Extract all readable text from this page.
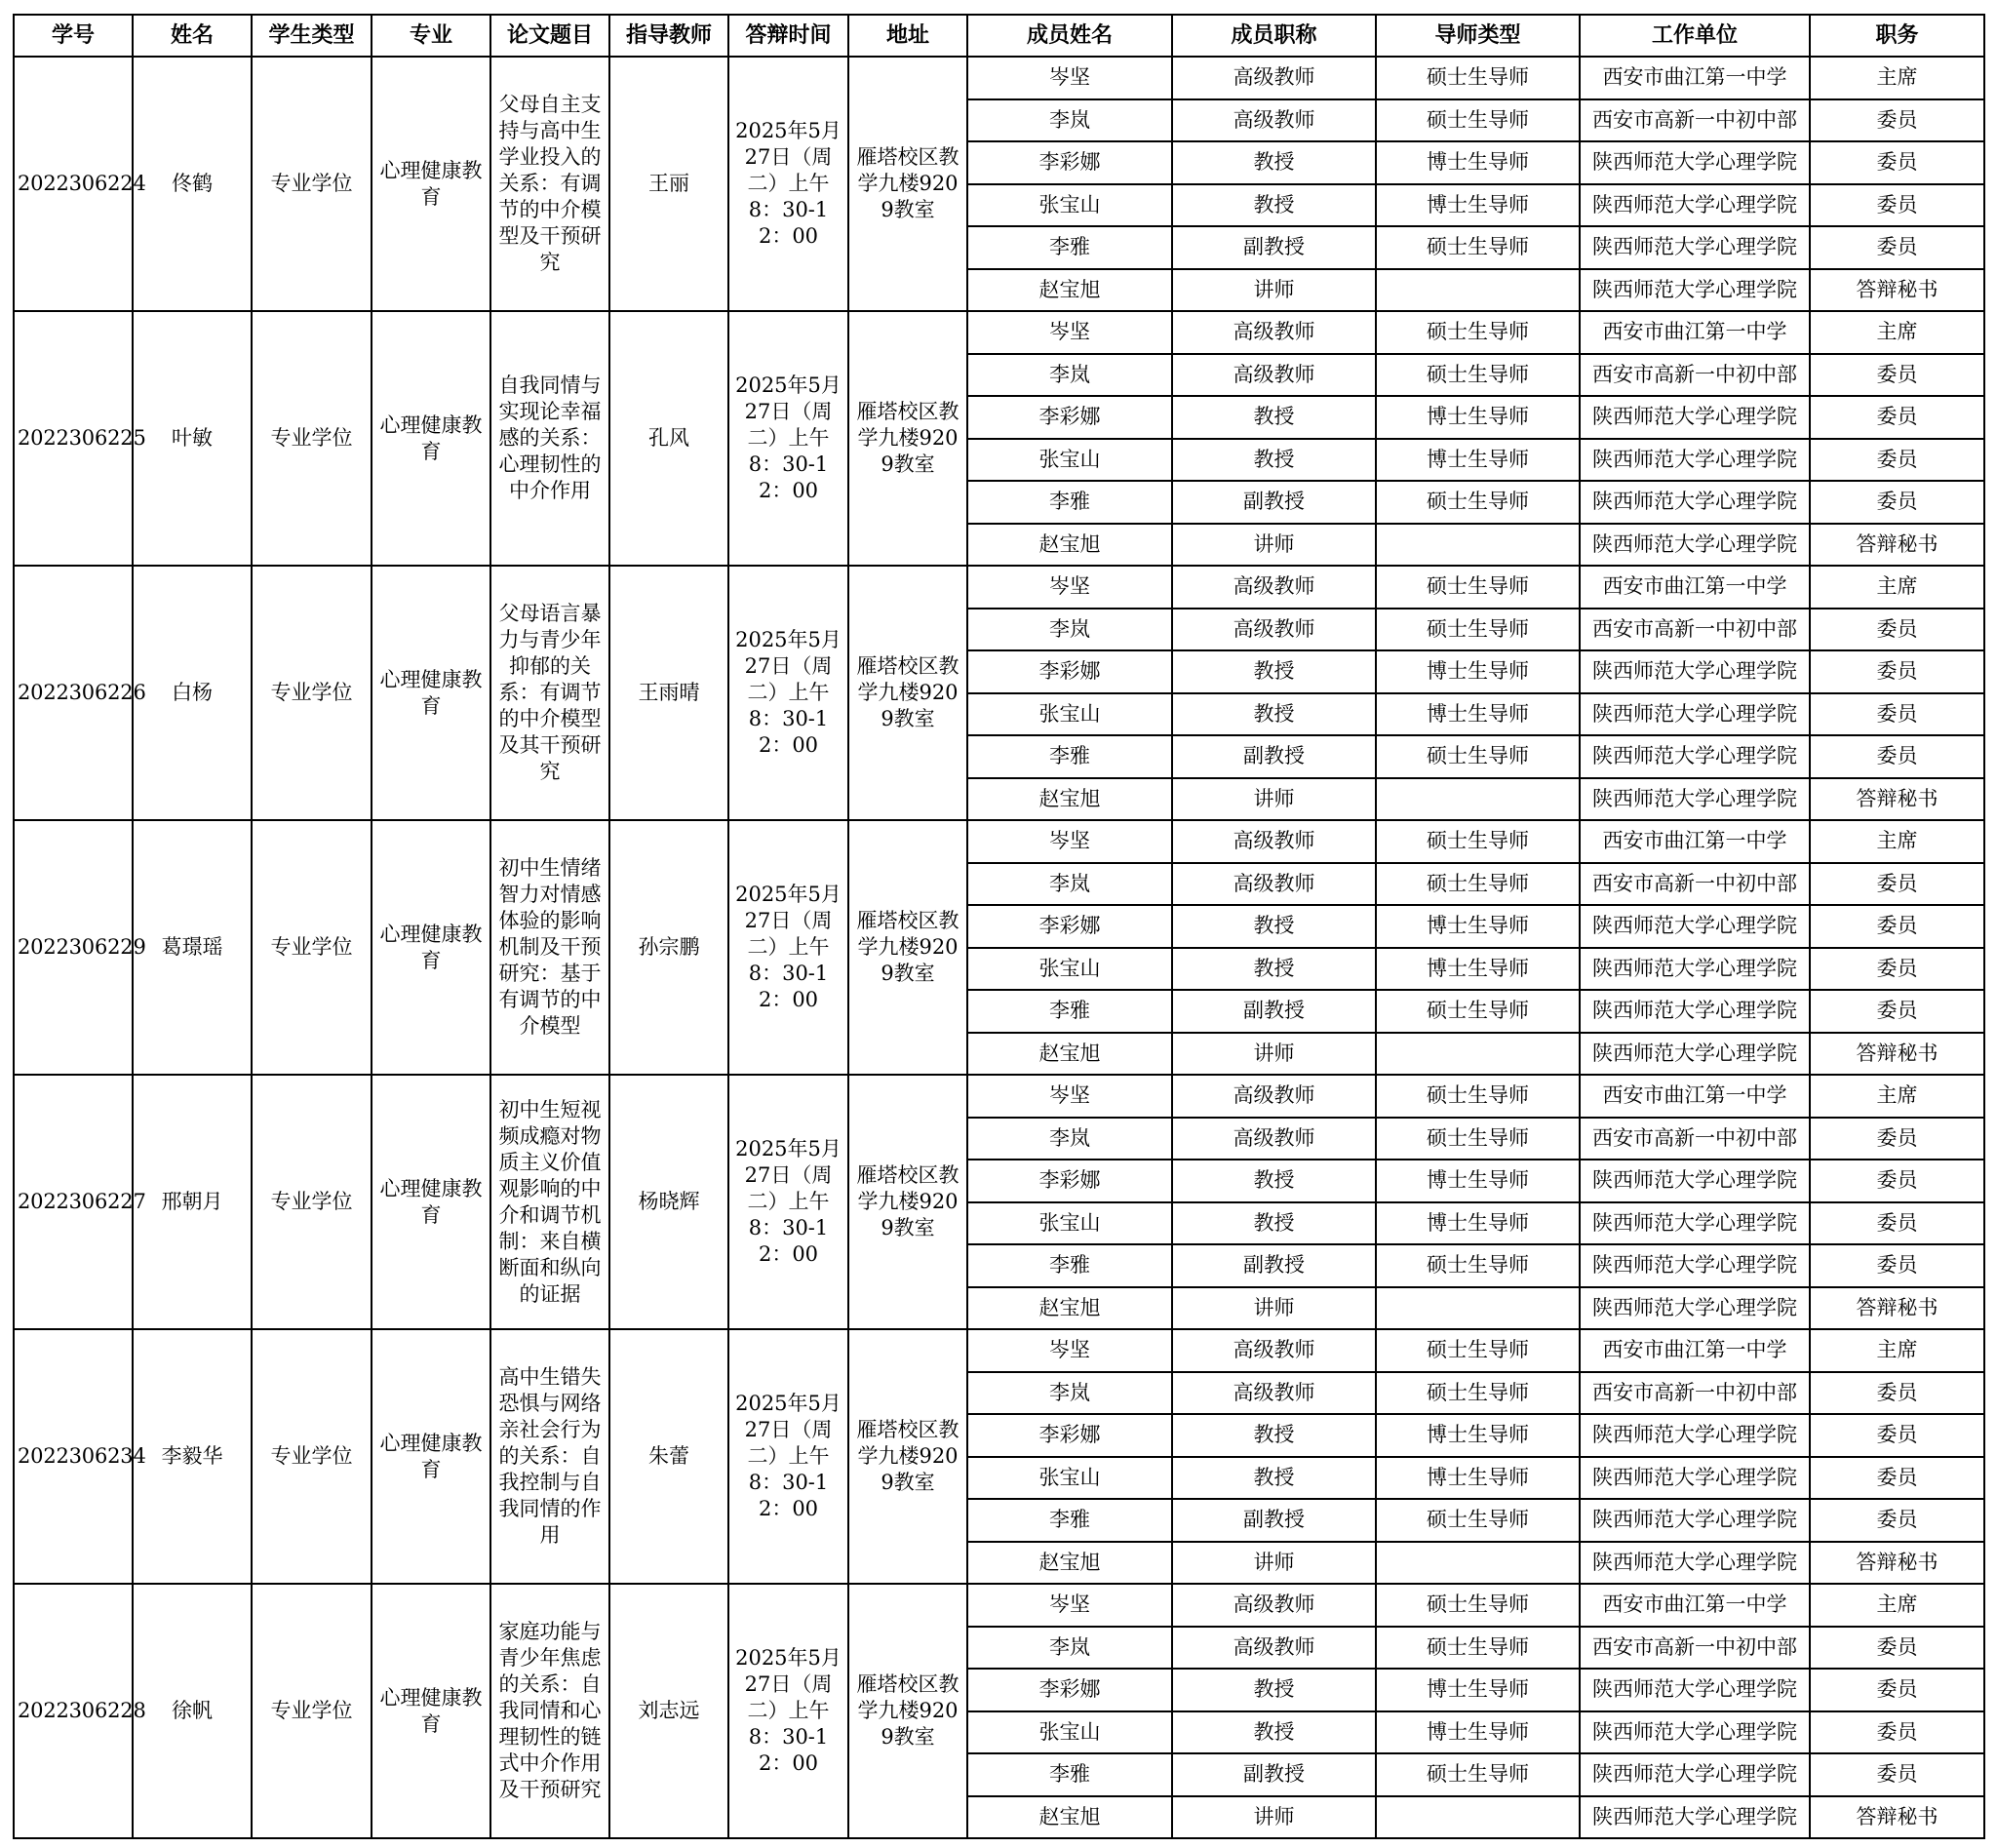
学号	姓名	学生类型	专业	论文题目	指导教师	答辩时间	地址	成员姓名	成员职称	导师类型	工作单位	职务
2022306224	佟鹤	专业学位	心理健康教育	父母自主支持与高中生学业投入的关系：有调节的中介模型及干预研究	王丽	2025年5月27日（周二）上午8：30-12：00	雁塔校区教学九楼9209教室	岑坚	高级教师	硕士生导师	西安市曲江第一中学	主席
								李岚	高级教师	硕士生导师	西安市高新一中初中部	委员
								李彩娜	教授	博士生导师	陕西师范大学心理学院	委员
								张宝山	教授	博士生导师	陕西师范大学心理学院	委员
								李雅	副教授	硕士生导师	陕西师范大学心理学院	委员
								赵宝旭	讲师		陕西师范大学心理学院	答辩秘书
2022306225	叶敏	专业学位	心理健康教育	自我同情与实现论幸福感的关系：心理韧性的中介作用	孔风	2025年5月27日（周二）上午8：30-12：00	雁塔校区教学九楼9209教室	岑坚	高级教师	硕士生导师	西安市曲江第一中学	主席
								李岚	高级教师	硕士生导师	西安市高新一中初中部	委员
								李彩娜	教授	博士生导师	陕西师范大学心理学院	委员
								张宝山	教授	博士生导师	陕西师范大学心理学院	委员
								李雅	副教授	硕士生导师	陕西师范大学心理学院	委员
								赵宝旭	讲师		陕西师范大学心理学院	答辩秘书
2022306226	白杨	专业学位	心理健康教育	父母语言暴力与青少年抑郁的关系：有调节的中介模型及其干预研究	王雨晴	2025年5月27日（周二）上午8：30-12：00	雁塔校区教学九楼9209教室	岑坚	高级教师	硕士生导师	西安市曲江第一中学	主席
								李岚	高级教师	硕士生导师	西安市高新一中初中部	委员
								李彩娜	教授	博士生导师	陕西师范大学心理学院	委员
								张宝山	教授	博士生导师	陕西师范大学心理学院	委员
								李雅	副教授	硕士生导师	陕西师范大学心理学院	委员
								赵宝旭	讲师		陕西师范大学心理学院	答辩秘书
2022306229	葛璟瑶	专业学位	心理健康教育	初中生情绪智力对情感体验的影响机制及干预研究：基于有调节的中介模型	孙宗鹏	2025年5月27日（周二）上午8：30-12：00	雁塔校区教学九楼9209教室	岑坚	高级教师	硕士生导师	西安市曲江第一中学	主席
								李岚	高级教师	硕士生导师	西安市高新一中初中部	委员
								李彩娜	教授	博士生导师	陕西师范大学心理学院	委员
								张宝山	教授	博士生导师	陕西师范大学心理学院	委员
								李雅	副教授	硕士生导师	陕西师范大学心理学院	委员
								赵宝旭	讲师		陕西师范大学心理学院	答辩秘书
2022306227	邢朝月	专业学位	心理健康教育	初中生短视频成瘾对物质主义价值观影响的中介和调节机制：来自横断面和纵向的证据	杨晓辉	2025年5月27日（周二）上午8：30-12：00	雁塔校区教学九楼9209教室	岑坚	高级教师	硕士生导师	西安市曲江第一中学	主席
								李岚	高级教师	硕士生导师	西安市高新一中初中部	委员
								李彩娜	教授	博士生导师	陕西师范大学心理学院	委员
								张宝山	教授	博士生导师	陕西师范大学心理学院	委员
								李雅	副教授	硕士生导师	陕西师范大学心理学院	委员
								赵宝旭	讲师		陕西师范大学心理学院	答辩秘书
2022306234	李毅华	专业学位	心理健康教育	高中生错失恐惧与网络亲社会行为的关系：自我控制与自我同情的作用	朱蕾	2025年5月27日（周二）上午8：30-12：00	雁塔校区教学九楼9209教室	岑坚	高级教师	硕士生导师	西安市曲江第一中学	主席
								李岚	高级教师	硕士生导师	西安市高新一中初中部	委员
								李彩娜	教授	博士生导师	陕西师范大学心理学院	委员
								张宝山	教授	博士生导师	陕西师范大学心理学院	委员
								李雅	副教授	硕士生导师	陕西师范大学心理学院	委员
								赵宝旭	讲师		陕西师范大学心理学院	答辩秘书
2022306228	徐帆	专业学位	心理健康教育	家庭功能与青少年焦虑的关系：自我同情和心理韧性的链式中介作用及干预研究	刘志远	2025年5月27日（周二）上午8：30-12：00	雁塔校区教学九楼9209教室	岑坚	高级教师	硕士生导师	西安市曲江第一中学	主席
								李岚	高级教师	硕士生导师	西安市高新一中初中部	委员
								李彩娜	教授	博士生导师	陕西师范大学心理学院	委员
								张宝山	教授	博士生导师	陕西师范大学心理学院	委员
								李雅	副教授	硕士生导师	陕西师范大学心理学院	委员
								赵宝旭	讲师		陕西师范大学心理学院	答辩秘书
